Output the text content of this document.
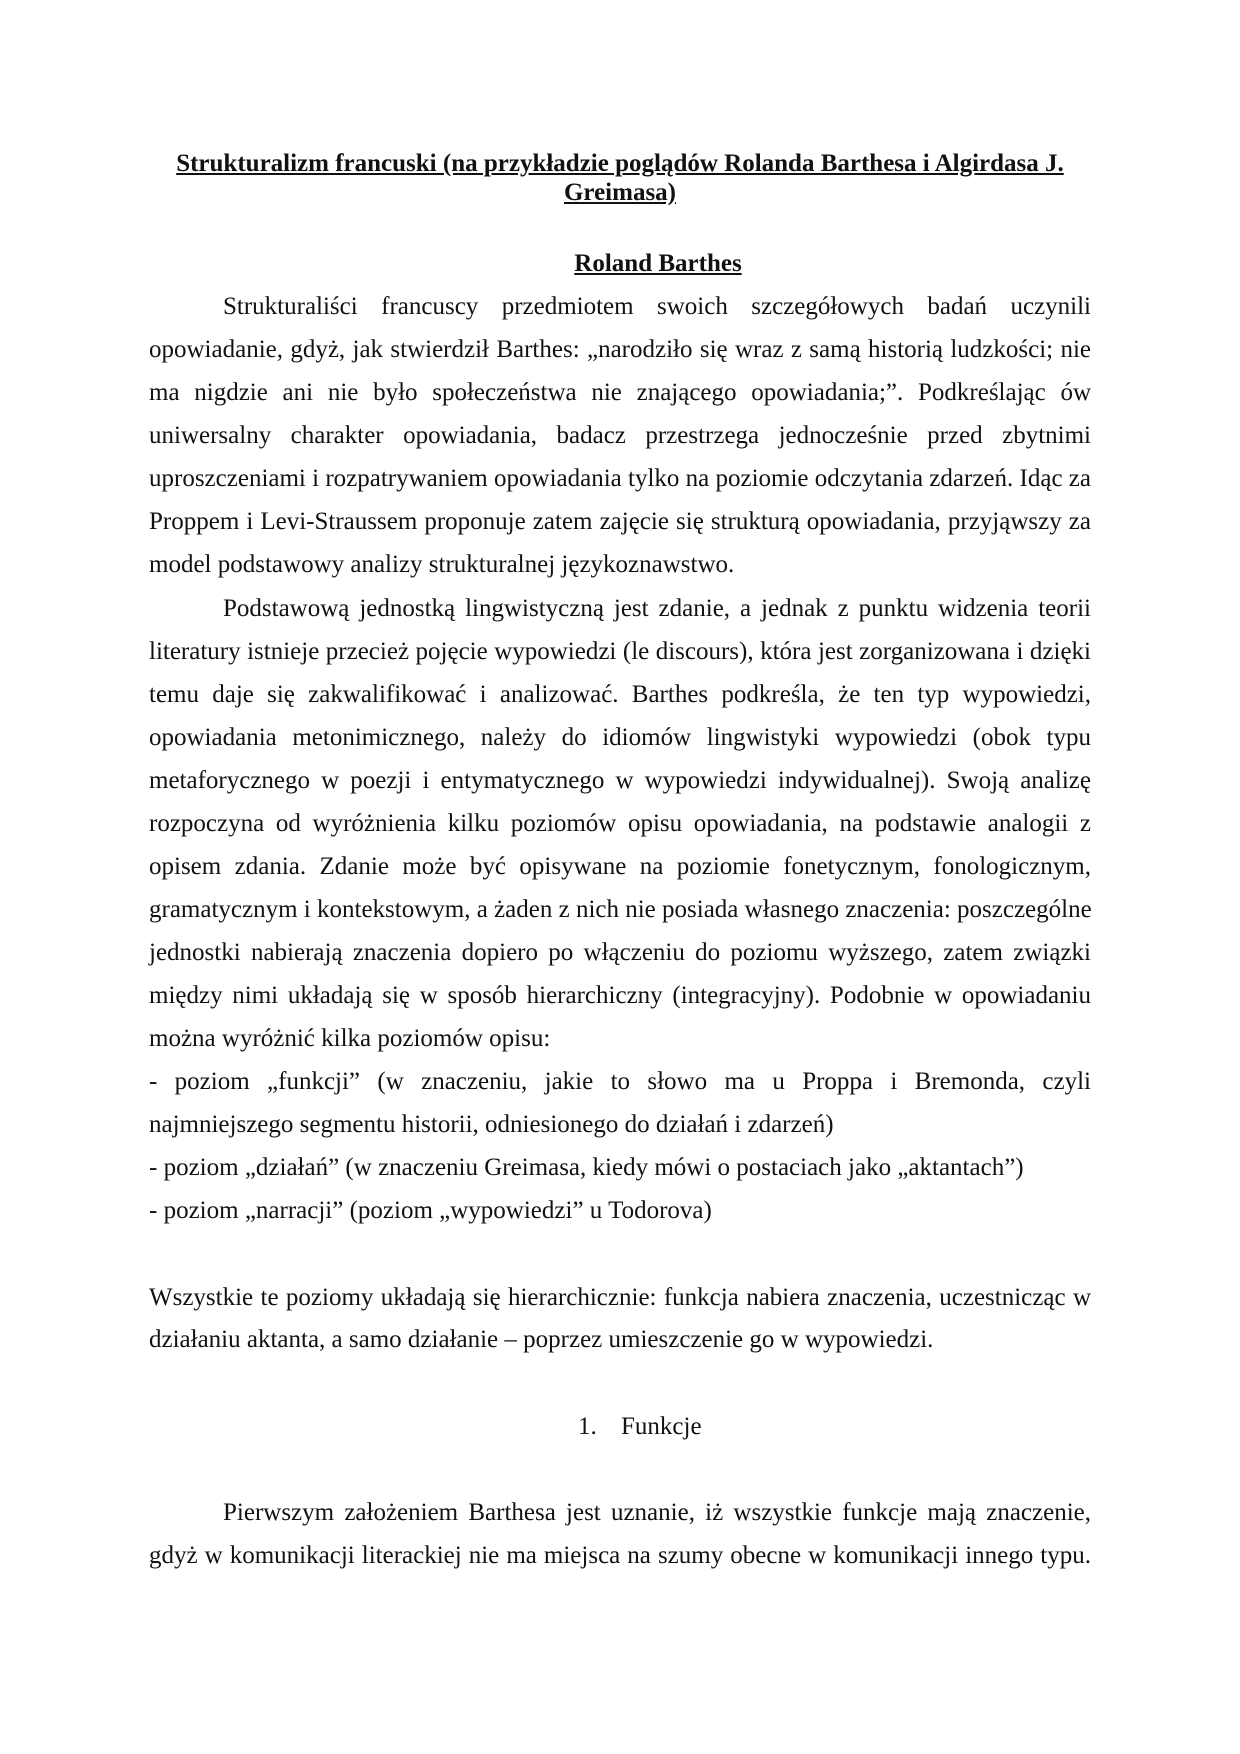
Strukturalizm francuski (na przykładzie poglądów Rolanda Barthesa i Algirdasa J.
Greimasa)
Roland Barthes
Strukturaliści francuscy przedmiotem swoich szczegółowych badań uczynili
opowiadanie, gdyż, jak stwierdził Barthes: „narodziło się wraz z samą historią ludzkości; nie
ma nigdzie ani nie było społeczeństwa nie znającego opowiadania;”. Podkreślając ów
uniwersalny charakter opowiadania, badacz przestrzega jednocześnie przed zbytnimi
uproszczeniami i rozpatrywaniem opowiadania tylko na poziomie odczytania zdarzeń. Idąc za
Proppem i Levi-Straussem proponuje zatem zajęcie się strukturą opowiadania, przyjąwszy za
model podstawowy analizy strukturalnej językoznawstwo.
Podstawową jednostką lingwistyczną jest zdanie, a jednak z punktu widzenia teorii
literatury istnieje przecież pojęcie wypowiedzi (le discours), która jest zorganizowana i dzięki
temu daje się zakwalifikować i analizować. Barthes podkreśla, że ten typ wypowiedzi,
opowiadania metonimicznego, należy do idiomów lingwistyki wypowiedzi (obok typu
metaforycznego w poezji i entymatycznego w wypowiedzi indywidualnej). Swoją analizę
rozpoczyna od wyróżnienia kilku poziomów opisu opowiadania, na podstawie analogii z
opisem zdania. Zdanie może być opisywane na poziomie fonetycznym, fonologicznym,
gramatycznym i kontekstowym, a żaden z nich nie posiada własnego znaczenia: poszczególne
jednostki nabierają znaczenia dopiero po włączeniu do poziomu wyższego, zatem związki
między nimi układają się w sposób hierarchiczny (integracyjny). Podobnie w opowiadaniu
można wyróżnić kilka poziomów opisu:
- poziom „funkcji” (w znaczeniu, jakie to słowo ma u Proppa i Bremonda, czyli
najmniejszego segmentu historii, odniesionego do działań i zdarzeń)
- poziom „działań” (w znaczeniu Greimasa, kiedy mówi o postaciach jako „aktantach”)
- poziom „narracji” (poziom „wypowiedzi” u Todorova)
Wszystkie te poziomy układają się hierarchicznie: funkcja nabiera znaczenia, uczestnicząc w
działaniu aktanta, a samo działanie – poprzez umieszczenie go w wypowiedzi.
1. Funkcje
Pierwszym założeniem Barthesa jest uznanie, iż wszystkie funkcje mają znaczenie,
gdyż w komunikacji literackiej nie ma miejsca na szumy obecne w komunikacji innego typu.
